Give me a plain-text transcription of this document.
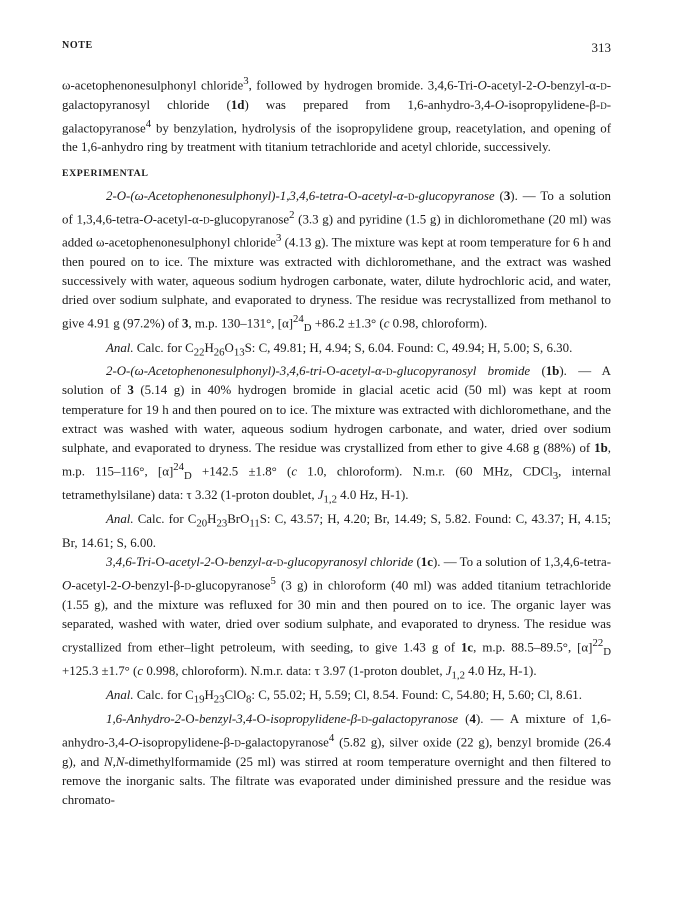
NOTE	313

ω-acetophenonesulphonyl chloride$^3$, followed by hydrogen bromide. 3,4,6-Tri-O-acetyl-2-O-benzyl-α-d-galactopyranosyl chloride (1d) was prepared from 1,6-anhydro-3,4-O-isopropylidene-β-d-galactopyranose$^4$ by benzylation, hydrolysis of the isopropylidene group, reacetylation, and opening of the 1,6-anhydro ring by treatment with titanium tetrachloride and acetyl chloride, successively.

EXPERIMENTAL

2-O-(ω-Acetophenonesulphonyl)-1,3,4,6-tetra-O-acetyl-α-d-glucopyranose (3). — To a solution of 1,3,4,6-tetra-O-acetyl-α-d-glucopyranose$^2$ (3.3 g) and pyridine (1.5 g) in dichloromethane (20 ml) was added ω-acetophenonesulphonyl chloride$^3$ (4.13 g). The mixture was kept at room temperature for 6 h and then poured on to ice. The mixture was extracted with dichloromethane, and the extract was washed successively with water, aqueous sodium hydrogen carbonate, water, dilute hydrochloric acid, and water, dried over sodium sulphate, and evaporated to dryness. The residue was recrystallized from methanol to give 4.91 g (97.2%) of 3, m.p. 130–131°, $[\alpha]^{24}_D +86.2 \pm 1.3^\circ$ (c 0.98, chloroform).

Anal. Calc. for $C_{22}H_{26}O_{13}S$: C, 49.81; H, 4.94; S, 6.04. Found: C, 49.94; H, 5.00; S, 6.30.

2-O-(ω-Acetophenonesulphonyl)-3,4,6-tri-O-acetyl-α-d-glucopyranosyl bromide (1b). — A solution of 3 (5.14 g) in 40% hydrogen bromide in glacial acetic acid (50 ml) was kept at room temperature for 19 h and then poured on to ice. The mixture was extracted with dichloromethane, and the extract was washed with water, aqueous sodium hydrogen carbonate, and water, dried over sodium sulphate, and evaporated to dryness. The residue was crystallized from ether to give 4.68 g (88%) of 1b, m.p. 115–116°, $[\alpha]^{24}_D +142.5 \pm 1.8^\circ$ (c 1.0, chloroform). N.m.r. (60 MHz, CDCl$_3$, internal tetramethylsilane) data: τ 3.32 (1-proton doublet, $J_{1,2}$ 4.0 Hz, H-1).

Anal. Calc. for $C_{20}H_{23}BrO_{11}S$: C, 43.57; H, 4.20; Br, 14.49; S, 5.82. Found: C, 43.37; H, 4.15; Br, 14.61; S, 6.00.

3,4,6-Tri-O-acetyl-2-O-benzyl-α-d-glucopyranosyl chloride (1c). — To a solution of 1,3,4,6-tetra-O-acetyl-2-O-benzyl-β-d-glucopyranose$^5$ (3 g) in chloroform (40 ml) was added titanium tetrachloride (1.55 g), and the mixture was refluxed for 30 min and then poured on to ice. The organic layer was separated, washed with water, dried over sodium sulphate, and evaporated to dryness. The residue was crystallized from ether–light petroleum, with seeding, to give 1.43 g of 1c, m.p. 88.5–89.5°, $[\alpha]^{22}_D +125.3 \pm 1.7^\circ$ (c 0.998, chloroform). N.m.r. data: τ 3.97 (1-proton doublet, $J_{1,2}$ 4.0 Hz, H-1).

Anal. Calc. for $C_{19}H_{23}ClO_8$: C, 55.02; H, 5.59; Cl, 8.54. Found: C, 54.80; H, 5.60; Cl, 8.61.

1,6-Anhydro-2-O-benzyl-3,4-O-isopropylidene-β-d-galactopyranose (4). — A mixture of 1,6-anhydro-3,4-O-isopropylidene-β-d-galactopyranose$^4$ (5.82 g), silver oxide (22 g), benzyl bromide (26.4 g), and N,N-dimethylformamide (25 ml) was stirred at room temperature overnight and then filtered to remove the inorganic salts. The filtrate was evaporated under diminished pressure and the residue was chromato-
